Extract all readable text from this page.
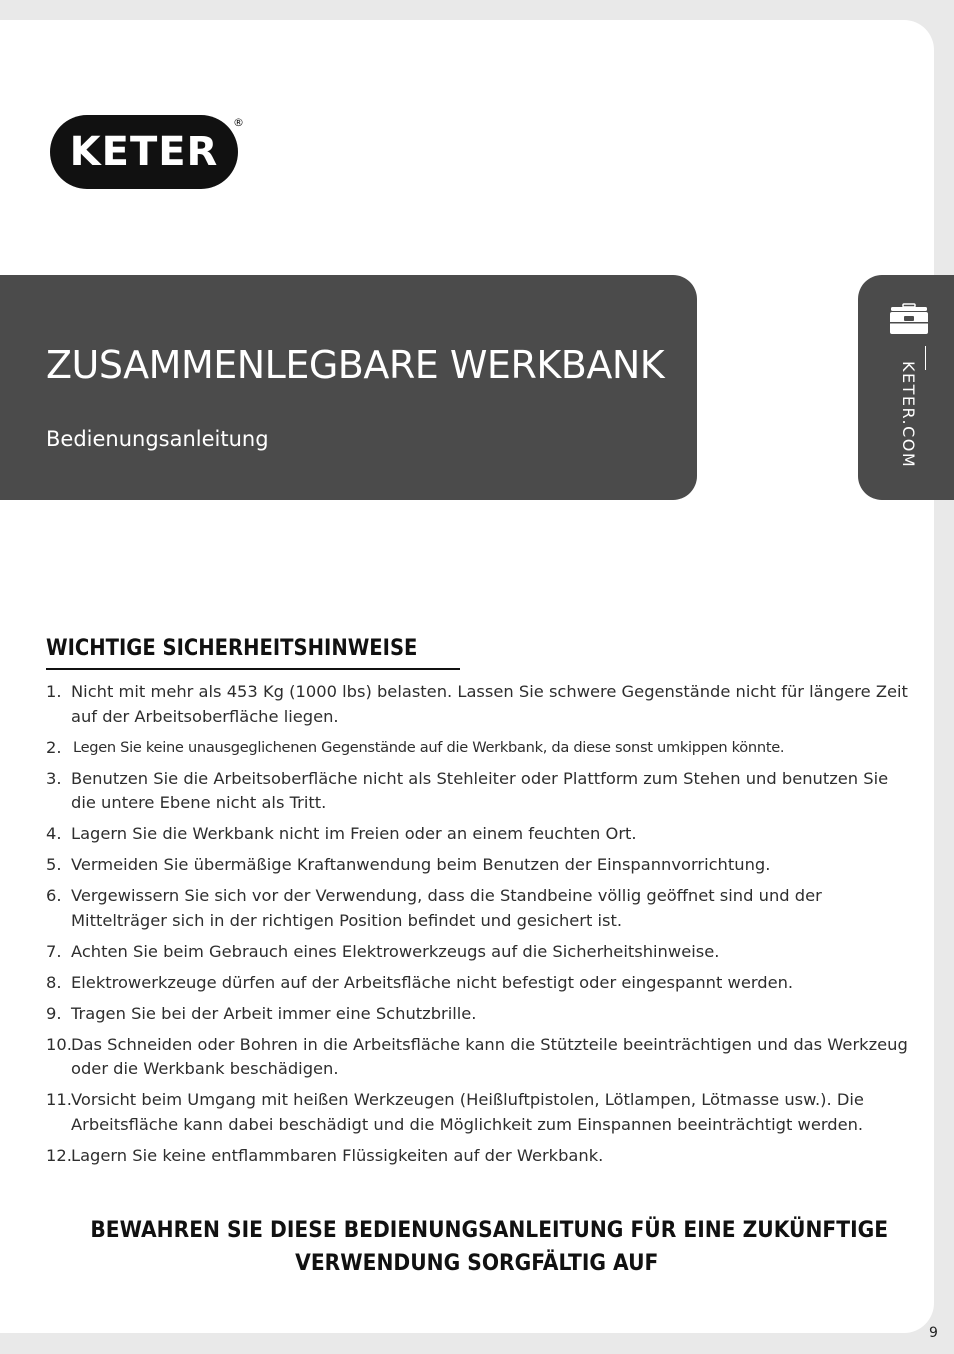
KETER
®
ZUSAMMENLEGBARE WERKBANK
Bedienungsanleitung	KETER.COM
WICHTIGE SICHERHEITSHINWEISE
1. Nicht mit mehr als 453 Kg (1000 lbs) belasten. Lassen Sie schwere Gegenstände nicht für längere Zeit auf der Arbeitsoberfläche liegen.
2. Legen Sie keine unausgeglichenen Gegenstände auf die Werkbank, da diese sonst umkippen könnte.
3. Benutzen Sie die Arbeitsoberfläche nicht als Stehleiter oder Plattform zum Stehen und benutzen Sie die untere Ebene nicht als Tritt.
4. Lagern Sie die Werkbank nicht im Freien oder an einem feuchten Ort.
5. Vermeiden Sie übermäßige Kraftanwendung beim Benutzen der Einspannvorrichtung.
6. Vergewissern Sie sich vor der Verwendung, dass die Standbeine völlig geöffnet sind und der Mittelträger sich in der richtigen Position befindet und gesichert ist.
7. Achten Sie beim Gebrauch eines Elektrowerkzeugs auf die Sicherheitshinweise.
8. Elektrowerkzeuge dürfen auf der Arbeitsfläche nicht befestigt oder eingespannt werden.
9. Tragen Sie bei der Arbeit immer eine Schutzbrille.
10. Das Schneiden oder Bohren in die Arbeitsfläche kann die Stützteile beeinträchtigen und das Werkzeug oder die Werkbank beschädigen.
11. Vorsicht beim Umgang mit heißen Werkzeugen (Heißluftpistolen, Lötlampen, Lötmasse usw.). Die Arbeitsfläche kann dabei beschädigt und die Möglichkeit zum Einspannen beeinträchtigt werden.
12. Lagern Sie keine entflammbaren Flüssigkeiten auf der Werkbank.

BEWAHREN SIE DIESE BEDIENUNGSANLEITUNG FÜR EINE ZUKÜNFTIGE
VERWENDUNG SORGFÄLTIG AUF

9
